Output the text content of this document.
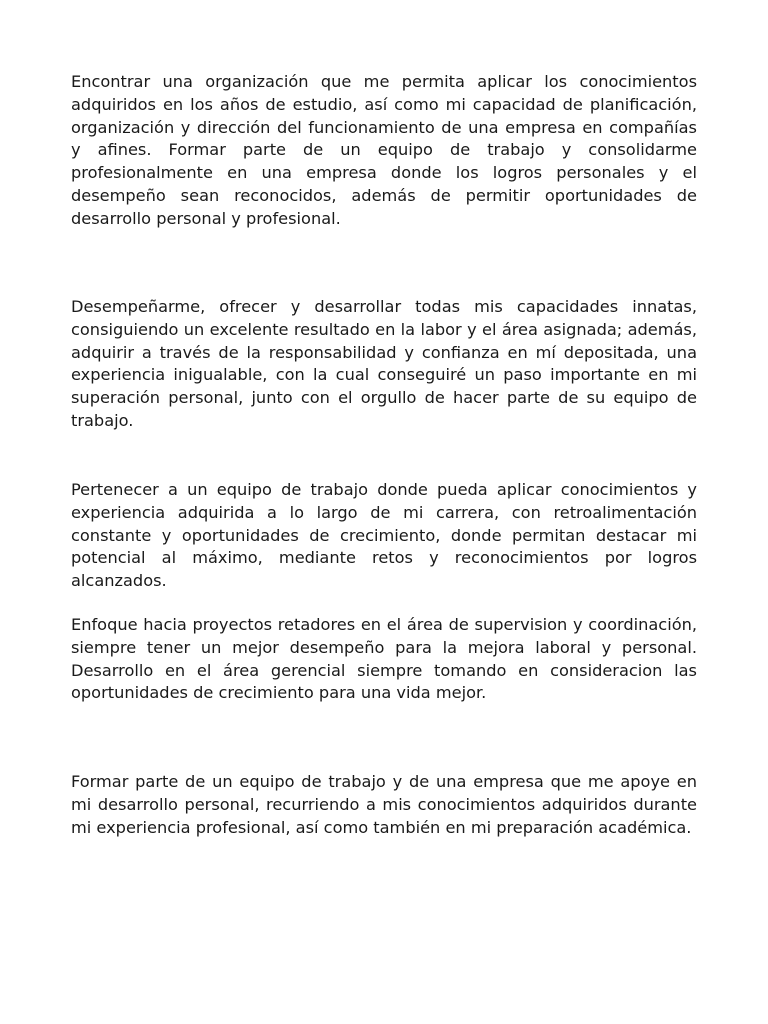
Encontrar una organización que me permita aplicar los conocimientos adquiridos en los años de estudio, así como mi capacidad de planificación, organización y dirección del funcionamiento de una empresa en compañías y afines. Formar parte de un equipo de trabajo y consolidarme profesionalmente en una empresa donde los logros personales y el desempeño sean reconocidos, además de permitir oportunidades de desarrollo personal y profesional.

Desempeñarme, ofrecer y desarrollar todas mis capacidades innatas, consiguiendo un excelente resultado en la labor y el área asignada; además, adquirir a través de la responsabilidad y confianza en mí depositada, una experiencia inigualable, con la cual conseguiré un paso importante en mi superación personal, junto con el orgullo de hacer parte de su equipo de trabajo.

Pertenecer a un equipo de trabajo donde pueda aplicar conocimientos y experiencia adquirida a lo largo de mi carrera, con retroalimentación constante y oportunidades de crecimiento, donde permitan destacar mi potencial al máximo, mediante retos y reconocimientos por logros alcanzados.

Enfoque hacia proyectos retadores en el área de supervision y coordinación, siempre tener un mejor desempeño para la mejora laboral y personal. Desarrollo en el área gerencial siempre tomando en consideracion las oportunidades de crecimiento para una vida mejor.

Formar parte de un equipo de trabajo y de una empresa que me apoye en mi desarrollo personal, recurriendo a mis conocimientos adquiridos durante mi experiencia profesional, así como también en mi preparación académica.
